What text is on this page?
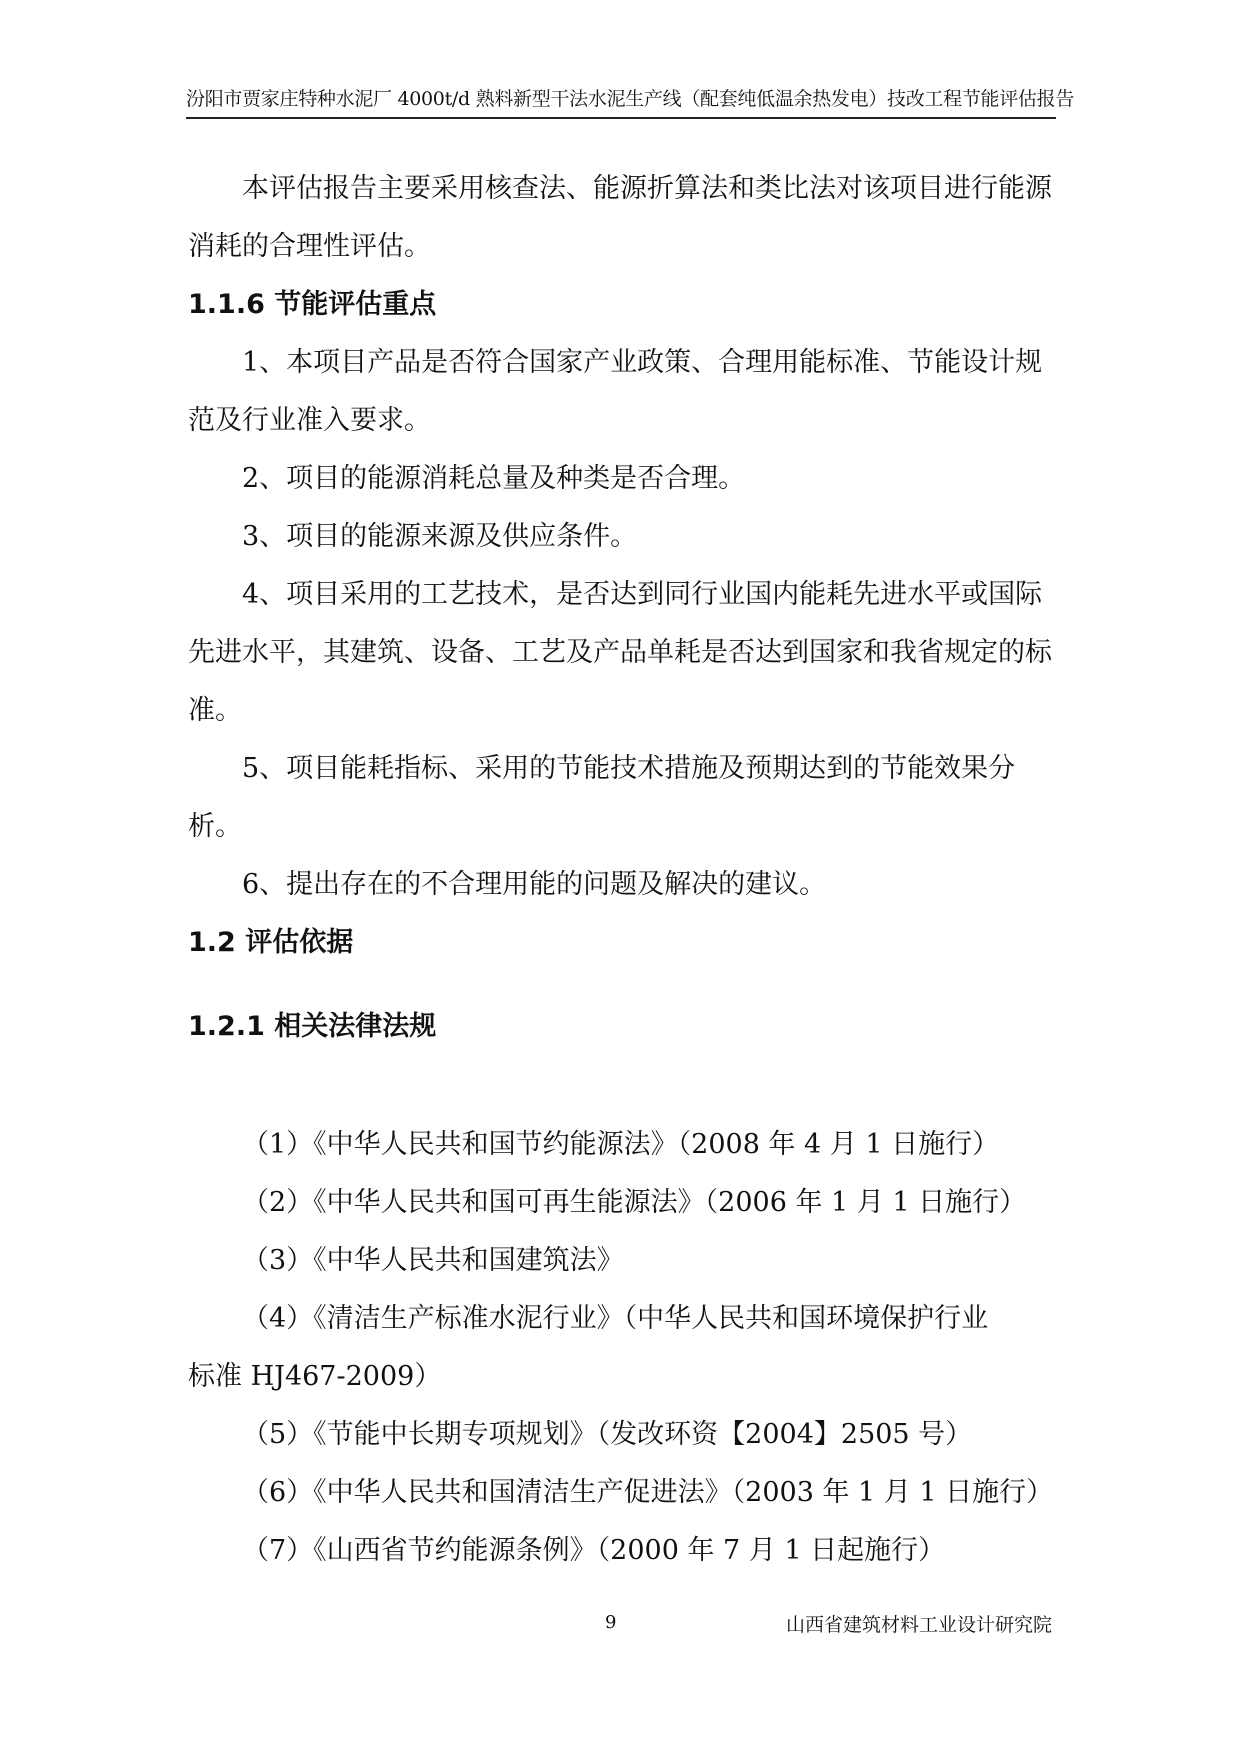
汾阳市贾家庄特种水泥厂 4000t/d 熟料新型干法水泥生产线（配套纯低温余热发电）技改工程节能评估报告

本评估报告主要采用核查法、能源折算法和类比法对该项目进行能源消耗的合理性评估。

1.1.6 节能评估重点

1、本项目产品是否符合国家产业政策、合理用能标准、节能设计规范及行业准入要求。

2、项目的能源消耗总量及种类是否合理。

3、项目的能源来源及供应条件。

4、项目采用的工艺技术，是否达到同行业国内能耗先进水平或国际先进水平，其建筑、设备、工艺及产品单耗是否达到国家和我省规定的标准。

5、项目能耗指标、采用的节能技术措施及预期达到的节能效果分析。

6、提出存在的不合理用能的问题及解决的建议。

1.2 评估依据

1.2.1 相关法律法规

（1）《中华人民共和国节约能源法》（2008 年 4 月 1 日施行）

（2）《中华人民共和国可再生能源法》（2006 年 1 月 1 日施行）

（3）《中华人民共和国建筑法》

（4）《清洁生产标准水泥行业》（中华人民共和国环境保护行业

标准 HJ467-2009）

（5）《节能中长期专项规划》（发改环资【2004】2505 号）

（6）《中华人民共和国清洁生产促进法》（2003 年 1 月 1 日施行）

（7）《山西省节约能源条例》（2000 年 7 月 1 日起施行）

9	山西省建筑材料工业设计研究院
